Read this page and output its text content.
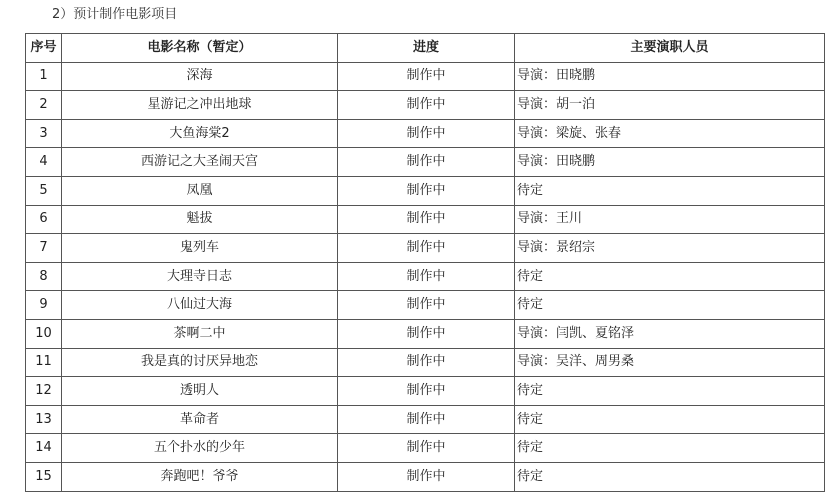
2）预计制作电影项目
序号	电影名称（暂定）	进度	主要演职人员
1	深海	制作中	导演：田晓鹏
2	星游记之冲出地球	制作中	导演：胡一泊
3	大鱼海棠2	制作中	导演：梁旋、张春
4	西游记之大圣闹天宫	制作中	导演：田晓鹏
5	凤凰	制作中	待定
6	魁拔	制作中	导演：王川
7	鬼列车	制作中	导演：景绍宗
8	大理寺日志	制作中	待定
9	八仙过大海	制作中	待定
10	茶啊二中	制作中	导演：闫凯、夏铭泽
11	我是真的讨厌异地恋	制作中	导演：吴洋、周男桑
12	透明人	制作中	待定
13	革命者	制作中	待定
14	五个扑水的少年	制作中	待定
15	奔跑吧！爷爷	制作中	待定
